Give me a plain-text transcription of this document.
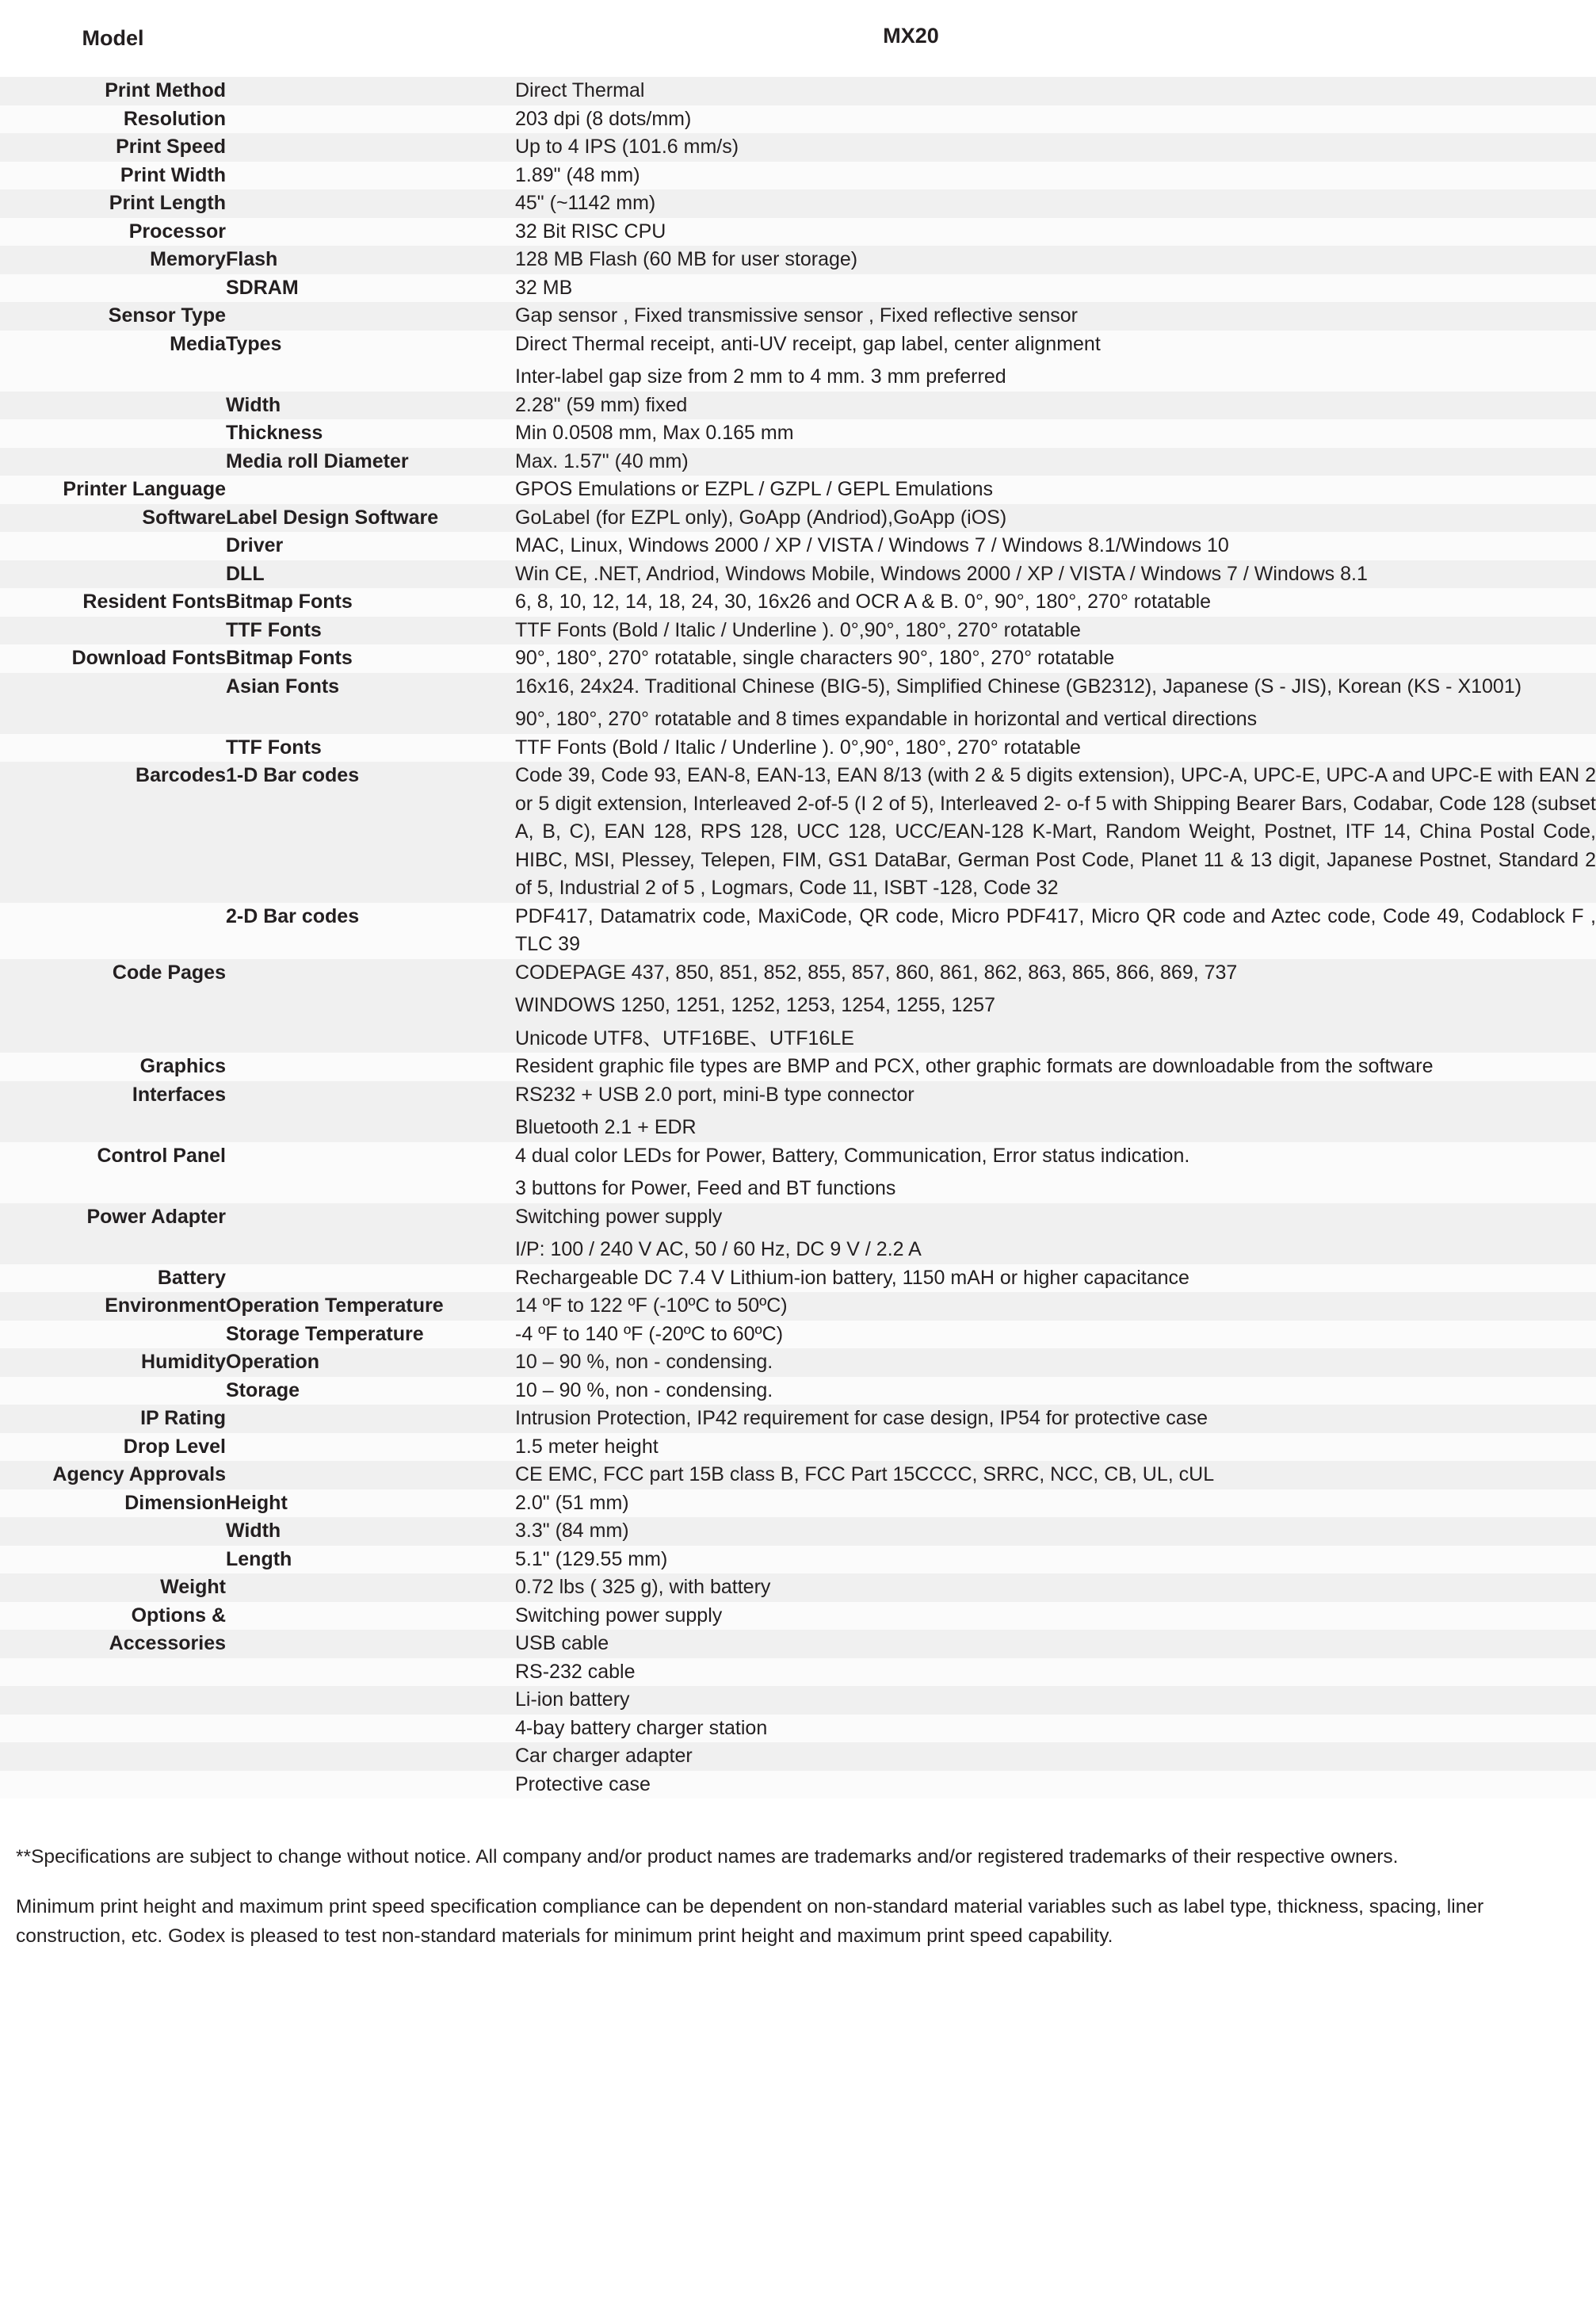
Model	MX20	
Print Method		Direct Thermal

Resolution		203 dpi (8 dots/mm)

Print Speed		Up to 4 IPS (101.6 mm/s)

Print Width		1.89" (48 mm)

Print Length		45" (~1142 mm)

Processor		32 Bit RISC CPU

Memory	Flash	128 MB Flash (60 MB for user storage)

	SDRAM	32 MB

Sensor Type		Gap sensor , Fixed transmissive sensor , Fixed reflective sensor

Media	Types	Direct Thermal receipt, anti-UV receipt, gap label, center alignment

Inter-label gap size from 2 mm to 4 mm. 3 mm preferred

	Width	2.28" (59 mm) fixed

	Thickness	Min 0.0508 mm, Max 0.165 mm

	Media roll Diameter	Max. 1.57" (40 mm)

Printer Language		GPOS Emulations or EZPL / GZPL / GEPL Emulations

Software	Label Design Software	GoLabel (for EZPL only), GoApp (Andriod),GoApp (iOS)

	Driver	MAC, Linux, Windows 2000 / XP / VISTA / Windows 7 / Windows 8.1/Windows 10

	DLL	Win CE, .NET, Andriod, Windows Mobile, Windows 2000 / XP / VISTA / Windows 7 / Windows 8.1

Resident Fonts	Bitmap Fonts	6, 8, 10, 12, 14, 18, 24, 30, 16x26 and OCR A & B. 0°, 90°, 180°, 270° rotatable

	TTF Fonts	TTF Fonts (Bold / Italic / Underline ). 0°,90°, 180°, 270° rotatable

Download Fonts	Bitmap Fonts	90°, 180°, 270° rotatable, single characters 90°, 180°, 270° rotatable

	Asian Fonts	16x16, 24x24. Traditional Chinese (BIG-5), Simplified Chinese (GB2312), Japanese (S - JIS), Korean (KS - X1001)

90°, 180°, 270° rotatable and 8 times expandable in horizontal and vertical directions

	TTF Fonts	TTF Fonts (Bold / Italic / Underline ). 0°,90°, 180°, 270° rotatable

Barcodes	1-D Bar codes	Code 39, Code 93, EAN-8, EAN-13, EAN 8/13 (with 2 & 5 digits extension), UPC-A, UPC-E, UPC-A and UPC-E with EAN 2 or 5 digit extension, Interleaved 2-of-5 (I 2 of 5), Interleaved 2- o-f 5 with Shipping Bearer Bars, Codabar, Code 128 (subset A, B, C), EAN 128, RPS 128, UCC 128, UCC/EAN-128 K-Mart, Random Weight, Postnet, ITF 14, China Postal Code, HIBC, MSI, Plessey, Telepen, FIM, GS1 DataBar, German Post Code, Planet 11 & 13 digit, Japanese Postnet, Standard 2 of 5, Industrial 2 of 5 , Logmars, Code 11, ISBT -128, Code 32

	2-D Bar codes	PDF417, Datamatrix code, MaxiCode, QR code, Micro PDF417, Micro QR code and Aztec code, Code 49, Codablock F , TLC 39

Code Pages		CODEPAGE 437, 850, 851, 852, 855, 857, 860, 861, 862, 863, 865, 866, 869, 737

WINDOWS 1250, 1251, 1252, 1253, 1254, 1255, 1257

Unicode UTF8、UTF16BE、UTF16LE

Graphics		Resident graphic file types are BMP and PCX, other graphic formats are downloadable from the software

Interfaces		RS232 + USB 2.0 port, mini-B type connector

Bluetooth 2.1 + EDR

Control Panel		4 dual color LEDs for Power, Battery, Communication, Error status indication.

3 buttons for Power, Feed and BT functions

Power Adapter		Switching power supply

I/P: 100 / 240 V AC, 50 / 60 Hz, DC 9 V / 2.2 A

Battery		Rechargeable DC 7.4 V Lithium-ion battery, 1150 mAH or higher capacitance

Environment	Operation Temperature	14 ºF to 122 ºF (-10ºC to 50ºC)

	Storage Temperature	-4 ºF to 140 ºF (-20ºC to 60ºC)

Humidity	Operation	10 – 90 %, non - condensing.

	Storage	10 – 90 %, non - condensing.

IP Rating		Intrusion Protection, IP42 requirement for case design, IP54 for protective case

Drop Level		1.5 meter height

Agency Approvals		CE EMC, FCC part 15B class B, FCC Part 15CCCC, SRRC, NCC, CB, UL, cUL

Dimension	Height	2.0" (51 mm)

	Width	3.3" (84 mm)

	Length	5.1" (129.55 mm)

Weight		0.72 lbs ( 325 g), with battery

Options &		Switching power supply

Accessories		USB cable

		RS-232 cable

		Li-ion battery

		4-bay battery charger station

		Car charger adapter

		Protective case

**Specifications are subject to change without notice. All company and/or product names are trademarks and/or registered trademarks of their respective owners.

Minimum print height and maximum print speed specification compliance can be dependent on non-standard material variables such as label type, thickness, spacing, liner construction, etc. Godex is pleased to test non-standard materials for minimum print height and maximum print speed capability.
